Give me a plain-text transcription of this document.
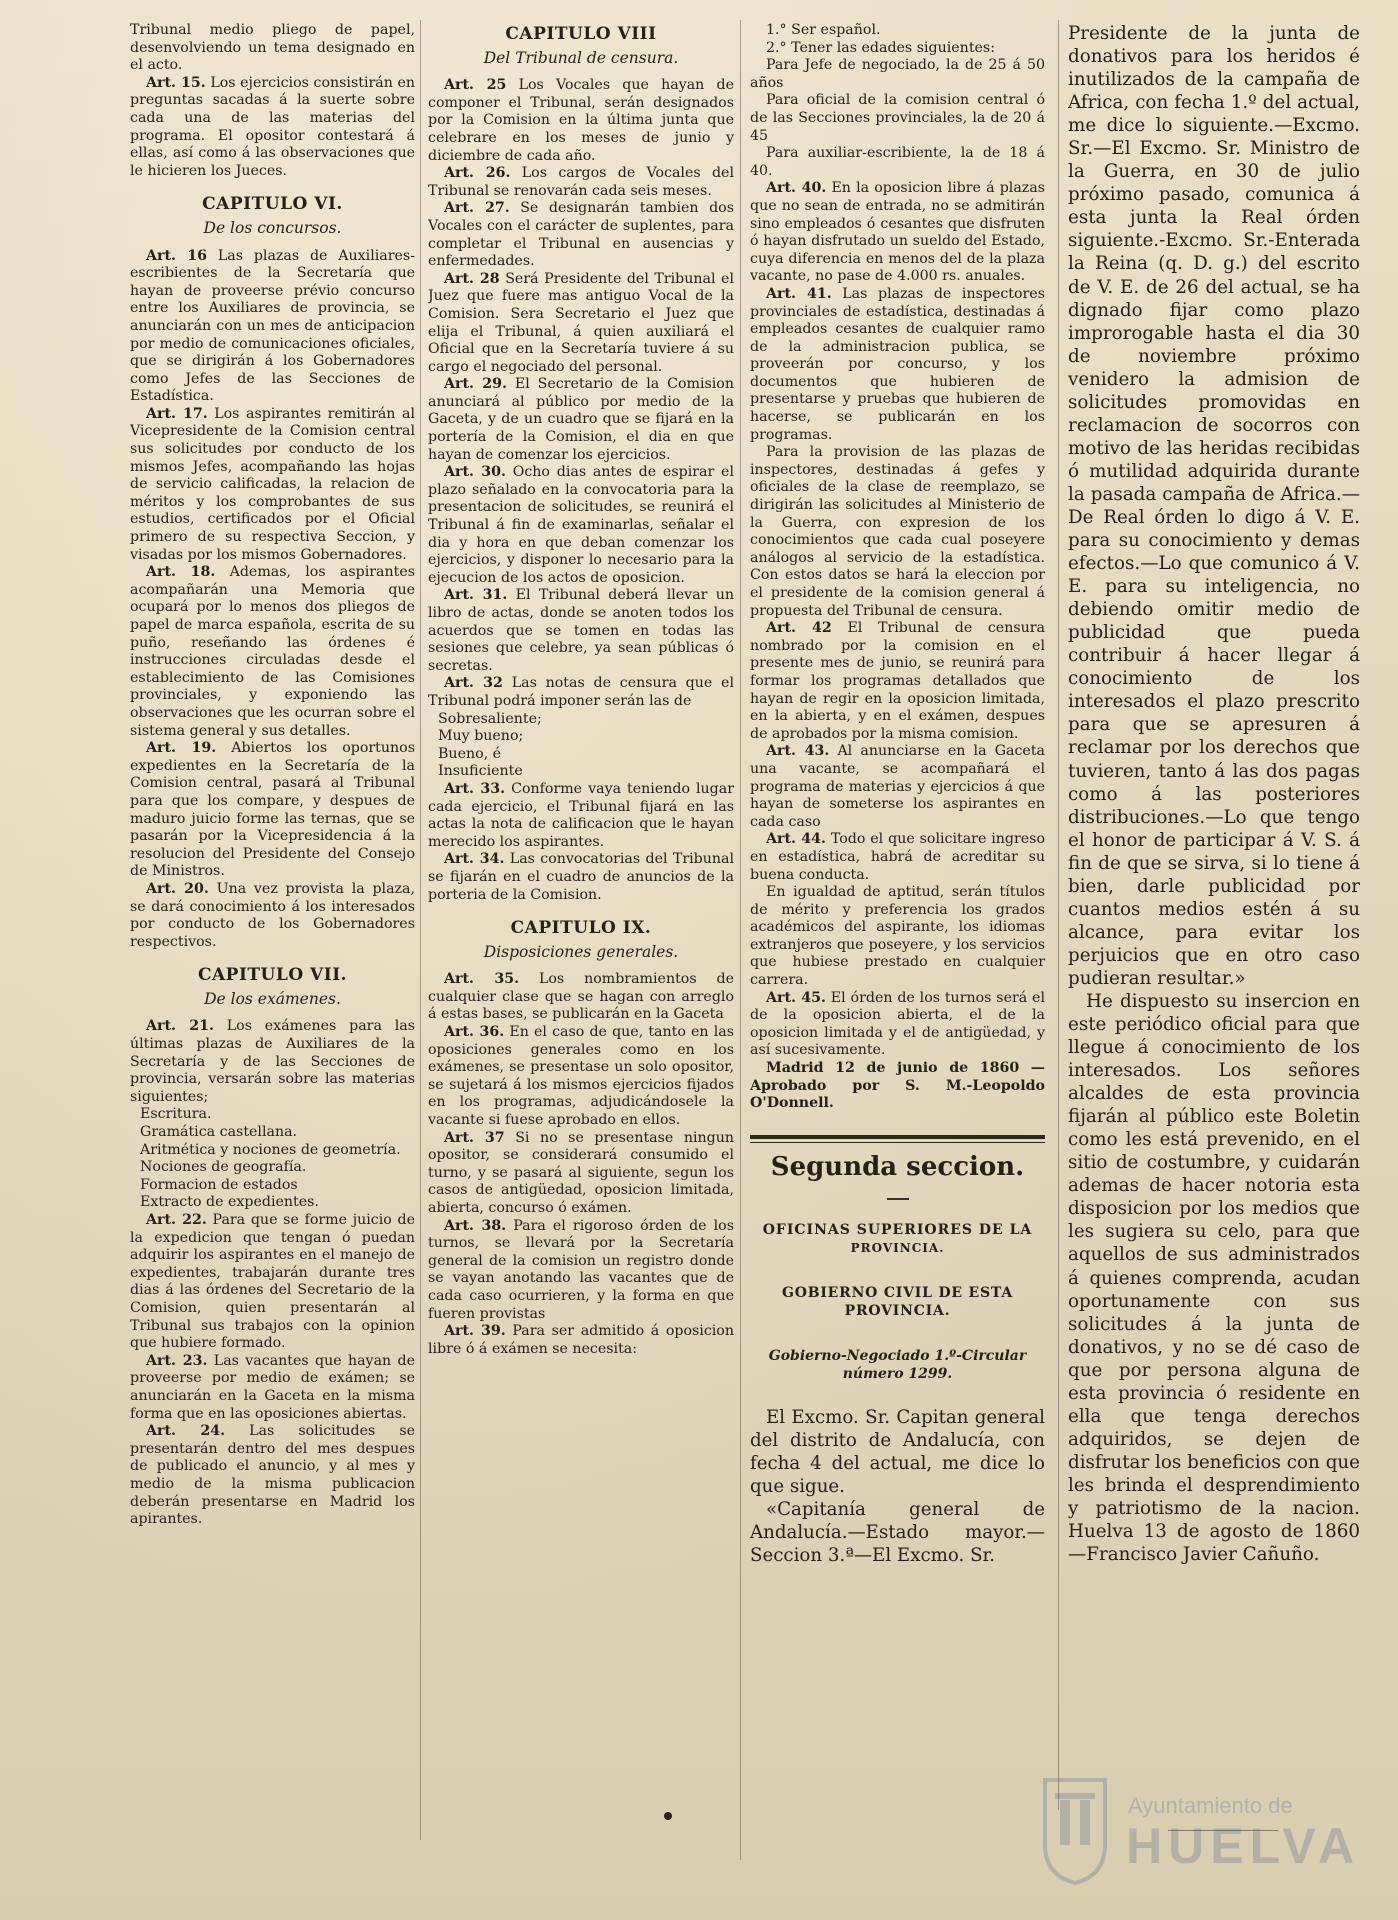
Tribunal medio pliego de papel, desenvolviendo un tema designado en el acto.

Art. 15. Los ejercicios consistirán en preguntas sacadas á la suerte sobre cada una de las materias del programa. El opositor contestará á ellas, así como á las observaciones que le hicieren los Jueces.

CAPITULO VI.
De los concursos.

Art. 16 Las plazas de Auxiliares-escribientes de la Secretaría que hayan de proveerse prévio concurso entre los Auxiliares de provincia, se anunciarán con un mes de anticipacion por medio de comunicaciones oficiales, que se dirigirán á los Gobernadores como Jefes de las Secciones de Estadística.

Art. 17. Los aspirantes remitirán al Vicepresidente de la Comision central sus solicitudes por conducto de los mismos Jefes, acompañando las hojas de servicio calificadas, la relacion de méritos y los comprobantes de sus estudios, certificados por el Oficial primero de su respectiva Seccion, y visadas por los mismos Gobernadores.

Art. 18. Ademas, los aspirantes acompañarán una Memoria que ocupará por lo menos dos pliegos de papel de marca española, escrita de su puño, reseñando las órdenes é instrucciones circuladas desde el establecimiento de las Comisiones provinciales, y exponiendo las observaciones que les ocurran sobre el sistema general y sus detalles.

Art. 19. Abiertos los oportunos expedientes en la Secretaría de la Comision central, pasará al Tribunal para que los compare, y despues de maduro juicio forme las ternas, que se pasarán por la Vicepresidencia á la resolucion del Presidente del Consejo de Ministros.

Art. 20. Una vez provista la plaza, se dará conocimiento á los interesados por conducto de los Gobernadores respectivos.

CAPITULO VII.
De los exámenes.

Art. 21. Los exámenes para las últimas plazas de Auxiliares de la Secretaría y de las Secciones de provincia, versarán sobre las materias siguientes;

Escritura.

Gramática castellana.

Aritmética y nociones de geometría.

Nociones de geografía.

Formacion de estados

Extracto de expedientes.

Art. 22. Para que se forme juicio de la expedicion que tengan ó puedan adquirir los aspirantes en el manejo de expedientes, trabajarán durante tres dias á las órdenes del Secretario de la Comision, quien presentarán al Tribunal sus trabajos con la opinion que hubiere formado.

Art. 23. Las vacantes que hayan de proveerse por medio de exámen; se anunciarán en la Gaceta en la misma forma que en las oposiciones abiertas.

Art. 24. Las solicitudes se presentarán dentro del mes despues de publicado el anuncio, y al mes y medio de la misma publicacion deberán presentarse en Madrid los apirantes.

CAPITULO VIII
Del Tribunal de censura.

Art. 25 Los Vocales que hayan de componer el Tribunal, serán designados por la Comision en la última junta que celebrare en los meses de junio y diciembre de cada año.

Art. 26. Los cargos de Vocales del Tribunal se renovarán cada seis meses.

Art. 27. Se designarán tambien dos Vocales con el carácter de suplentes, para completar el Tribunal en ausencias y enfermedades.

Art. 28 Será Presidente del Tribunal el Juez que fuere mas antiguo Vocal de la Comision. Sera Secretario el Juez que elija el Tribunal, á quien auxiliará el Oficial que en la Secretaría tuviere á su cargo el negociado del personal.

Art. 29. El Secretario de la Comision anunciará al público por medio de la Gaceta, y de un cuadro que se fijará en la portería de la Comision, el dia en que hayan de comenzar los ejercicios.

Art. 30. Ocho dias antes de espirar el plazo señalado en la convocatoria para la presentacion de solicitudes, se reunirá el Tribunal á fin de examinarlas, señalar el dia y hora en que deban comenzar los ejercicios, y disponer lo necesario para la ejecucion de los actos de oposicion.

Art. 31. El Tribunal deberá llevar un libro de actas, donde se anoten todos los acuerdos que se tomen en todas las sesiones que celebre, ya sean públicas ó secretas.

Art. 32 Las notas de censura que el Tribunal podrá imponer serán las de

Sobresaliente;

Muy bueno;

Bueno, é

Insuficiente

Art. 33. Conforme vaya teniendo lugar cada ejercicio, el Tribunal fijará en las actas la nota de calificacion que le hayan merecido los aspirantes.

Art. 34. Las convocatorias del Tribunal se fijarán en el cuadro de anuncios de la porteria de la Comision.

CAPITULO IX.
Disposiciones generales.

Art. 35. Los nombramientos de cualquier clase que se hagan con arreglo á estas bases, se publicarán en la Gaceta

Art. 36. En el caso de que, tanto en las oposiciones generales como en los exámenes, se presentase un solo opositor, se sujetará á los mismos ejercicios fijados en los programas, adjudicándosele la vacante si fuese aprobado en ellos.

Art. 37 Si no se presentase ningun opositor, se considerará consumido el turno, y se pasará al siguiente, segun los casos de antigüedad, oposicion limitada, abierta, concurso ó exámen.

Art. 38. Para el rigoroso órden de los turnos, se llevará por la Secretaría general de la comision un registro donde se vayan anotando las vacantes que de cada caso ocurrieren, y la forma en que fueren provistas

Art. 39. Para ser admitido á oposicion libre ó á exámen se necesita:

1.° Ser español.

2.° Tener las edades siguientes:

Para Jefe de negociado, la de 25 á 50 años

Para oficial de la comision central ó de las Secciones provinciales, la de 20 á 45

Para auxiliar-escribiente, la de 18 á 40.

Art. 40. En la oposicion libre á plazas que no sean de entrada, no se admitirán sino empleados ó cesantes que disfruten ó hayan disfrutado un sueldo del Estado, cuya diferencia en menos del de la plaza vacante, no pase de 4.000 rs. anuales.

Art. 41. Las plazas de inspectores provinciales de estadística, destinadas á empleados cesantes de cualquier ramo de la administracion publica, se proveerán por concurso, y los documentos que hubieren de presentarse y pruebas que hubieren de hacerse, se publicarán en los programas.

Para la provision de las plazas de inspectores, destinadas á gefes y oficiales de la clase de reemplazo, se dirigirán las solicitudes al Ministerio de la Guerra, con expresion de los conocimientos que cada cual poseyere análogos al servicio de la estadística. Con estos datos se hará la eleccion por el presidente de la comision general á propuesta del Tribunal de censura.

Art. 42 El Tribunal de censura nombrado por la comision en el presente mes de junio, se reunirá para formar los programas detallados que hayan de regir en la oposicion limitada, en la abierta, y en el exámen, despues de aprobados por la misma comision.

Art. 43. Al anunciarse en la Gaceta una vacante, se acompañará el programa de materias y ejercicios á que hayan de someterse los aspirantes en cada caso

Art. 44. Todo el que solicitare ingreso en estadística, habrá de acreditar su buena conducta.

En igualdad de aptitud, serán títulos de mérito y preferencia los grados académicos del aspirante, los idiomas extranjeros que poseyere, y los servicios que hubiese prestado en cualquier carrera.

Art. 45. El órden de los turnos será el de la oposicion abierta, el de la oposicion limitada y el de antigüedad, y así sucesivamente.

Madrid 12 de junio de 1860 — Aprobado por S. M.-Leopoldo O'Donnell.

Segunda seccion.
OFICINAS SUPERIORES DE LA
PROVINCIA.
GOBIERNO CIVIL DE ESTA PROVINCIA.
Gobierno-Negociado 1.º-Circular número 1299.

El Excmo. Sr. Capitan general del distrito de Andalucía, con fecha 4 del actual, me dice lo que sigue.

«Capitanía general de Andalucía.—Estado mayor.—Seccion 3.ª—El Excmo. Sr.

Presidente de la junta de donativos para los heridos é inutilizados de la campaña de Africa, con fecha 1.º del actual, me dice lo siguiente.—Excmo. Sr.—El Excmo. Sr. Ministro de la Guerra, en 30 de julio próximo pasado, comunica á esta junta la Real órden siguiente.-Excmo. Sr.-Enterada la Reina (q. D. g.) del escrito de V. E. de 26 del actual, se ha dignado fijar como plazo improrogable hasta el dia 30 de noviembre próximo venidero la admision de solicitudes promovidas en reclamacion de socorros con motivo de las heridas recibidas ó mutilidad adquirida durante la pasada campaña de Africa.—De Real órden lo digo á V. E. para su conocimiento y demas efectos.—Lo que comunico á V. E. para su inteligencia, no debiendo omitir medio de publicidad que pueda contribuir á hacer llegar á conocimiento de los interesados el plazo prescrito para que se apresuren á reclamar por los derechos que tuvieren, tanto á las dos pagas como á las posteriores distribuciones.—Lo que tengo el honor de participar á V. S. á fin de que se sirva, si lo tiene á bien, darle publicidad por cuantos medios estén á su alcance, para evitar los perjuicios que en otro caso pudieran resultar.»

He dispuesto su insercion en este periódico oficial para que llegue á conocimiento de los interesados. Los señores alcaldes de esta provincia fijarán al público este Boletin como les está prevenido, en el sitio de costumbre, y cuidarán ademas de hacer notoria esta disposicion por los medios que les sugiera su celo, para que aquellos de sus administrados á quienes comprenda, acudan oportunamente con sus solicitudes á la junta de donativos, y no se dé caso de que por persona alguna de esta provincia ó residente en ella que tenga derechos adquiridos, se dejen de disfrutar los beneficios con que les brinda el desprendimiento y patriotismo de la nacion. Huelva 13 de agosto de 1860 —Francisco Javier Cañuño.

Ayuntamiento de
HUELVA
